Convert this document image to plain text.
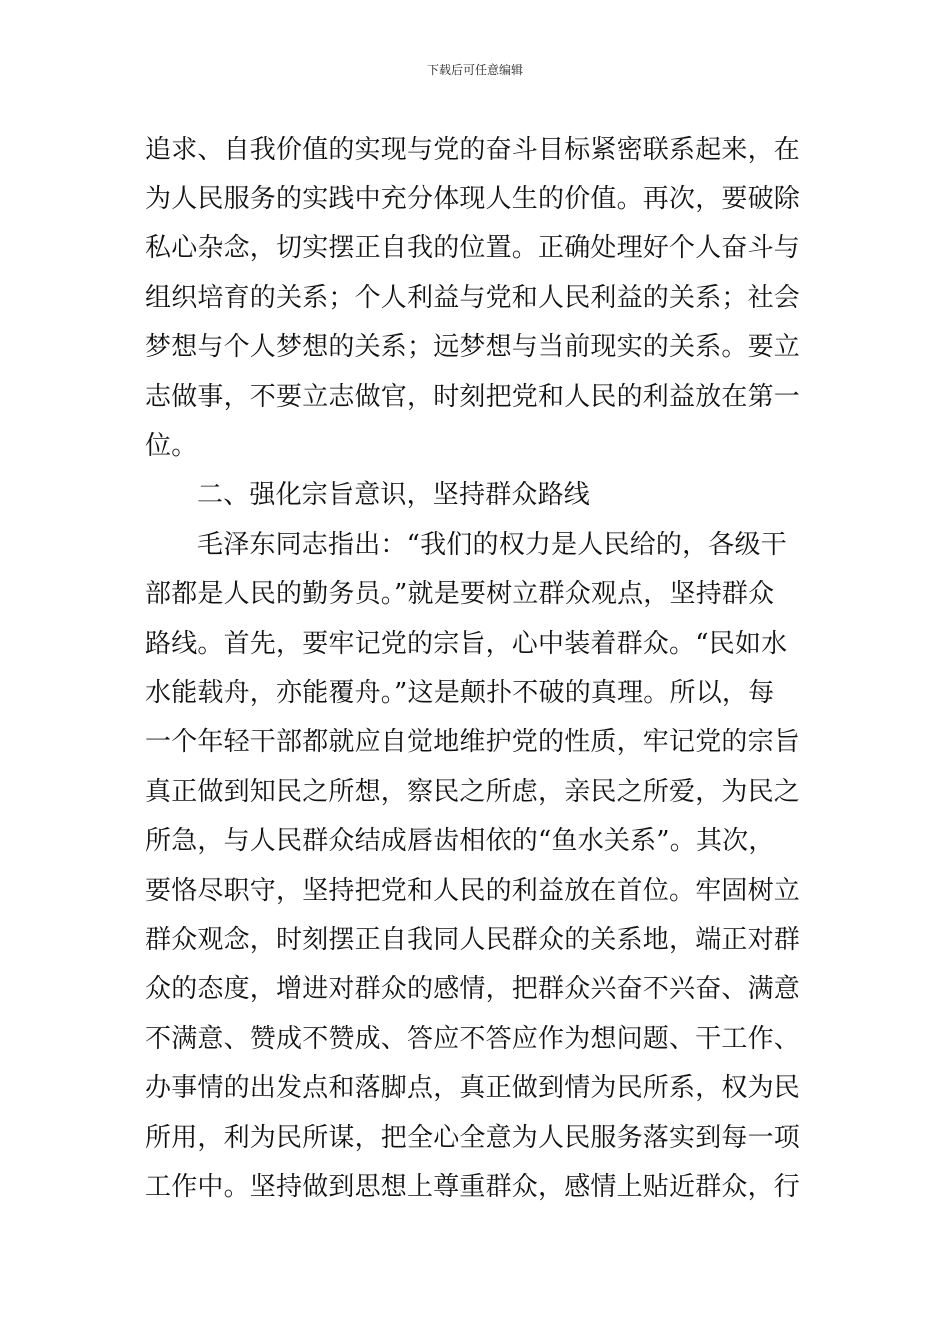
下载后可任意编辑
追求、自我价值的实现与党的奋斗目标紧密联系起来，在
为人民服务的实践中充分体现人生的价值。再次，要破除
私心杂念，切实摆正自我的位置。正确处理好个人奋斗与
组织培育的关系；个人利益与党和人民利益的关系；社会
梦想与个人梦想的关系；远梦想与当前现实的关系。要立
志做事，不要立志做官，时刻把党和人民的利益放在第一
位。
二、强化宗旨意识，坚持群众路线
毛泽东同志指出：“我们的权力是人民给的，各级干
部都是人民的勤务员。”就是要树立群众观点，坚持群众
路线。首先，要牢记党的宗旨，心中装着群众。“民如水
水能载舟，亦能覆舟。”这是颠扑不破的真理。所以，每
一个年轻干部都就应自觉地维护党的性质，牢记党的宗旨
真正做到知民之所想，察民之所虑，亲民之所爱，为民之
所急，与人民群众结成唇齿相依的“鱼水关系”。其次，
要恪尽职守，坚持把党和人民的利益放在首位。牢固树立
群众观念，时刻摆正自我同人民群众的关系地，端正对群
众的态度，增进对群众的感情，把群众兴奋不兴奋、满意
不满意、赞成不赞成、答应不答应作为想问题、干工作、
办事情的出发点和落脚点，真正做到情为民所系，权为民
所用，利为民所谋，把全心全意为人民服务落实到每一项
工作中。坚持做到思想上尊重群众，感情上贴近群众，行
